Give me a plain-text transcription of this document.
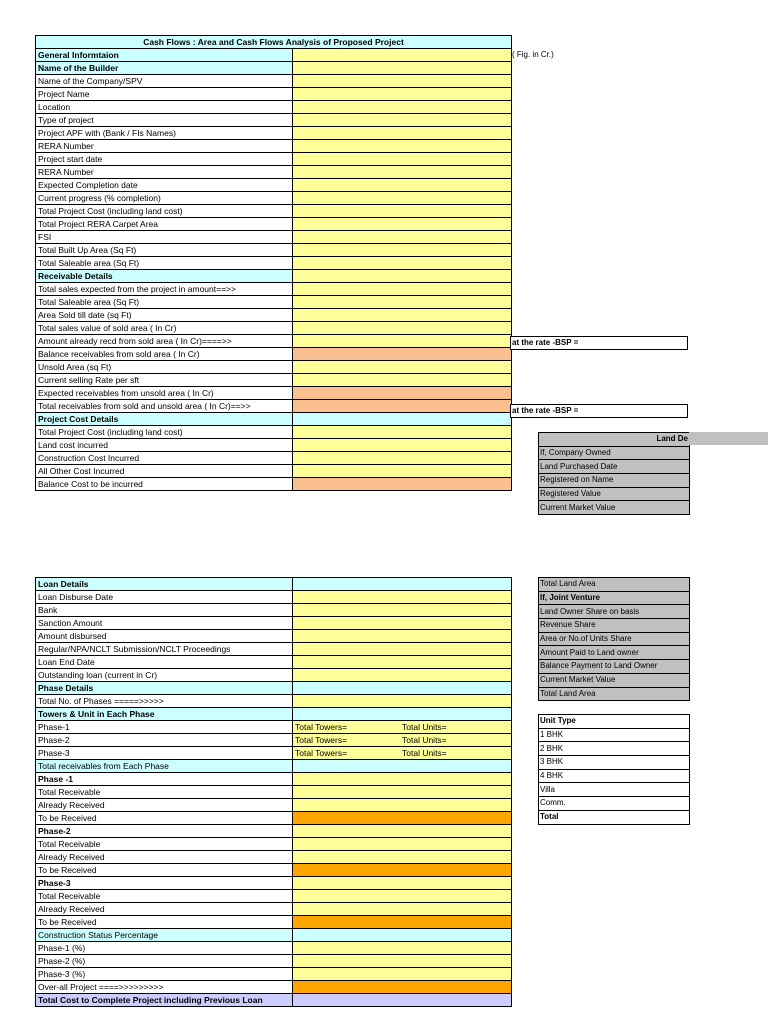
Cash Flows : Area and Cash Flows Analysis of Proposed Project	
General Informtaion	
Name of the Builder	
Name of the Company/SPV	
Project Name	
Location	
Type of project	
Project APF with (Bank / FIs Names)	
RERA Number	
Project start date	
RERA Number	
Expected Completion date	
Current progress (% completion)	
Total Project Cost (including land cost)	
Total Project RERA Carpet Area	
FSI	
Total Built Up Area (Sq Ft)	
Total Saleable area (Sq Ft)	
Receivable Details	
Total sales expected from the project in amount==>>	
Total Saleable area (Sq Ft)	
Area Sold till date (sq Ft)	
Total sales value of sold area ( In Cr)	
Amount already recd from sold area ( In Cr)====>>	
Balance receivables from sold area ( In Cr)	
Unsold Area (sq Ft)	
Current selling Rate per sft	
Expected receivables from unsold area ( In Cr)	
Total receivables from sold and unsold area ( In Cr)==>>	
Project Cost Details	
Total Project Cost (including land cost)	
Land cost incurred	
Construction Cost Incurred	
All Other Cost Incurred	
Balance Cost to be incurred	
( Fig. in Cr.)
at the rate -BSP =
at the rate -BSP =
Land De
If, Company Owned
Land Purchased Date
Registered on Name
Registered Value
Current Market Value
Loan Details	
Loan Disburse Date	
Bank	
Sanction Amount	
Amount disbursed	
Regular/NPA/NCLT Submission/NCLT Proceedings	
Loan End Date	
Outstanding loan (current in Cr)	
Phase Details	
Total No. of Phases =====>>>>>	
Towers & Unit in Each Phase	
Phase-1	Total Towers= Total Units=

Phase-2	Total Towers= Total Units=

Phase-3	Total Towers= Total Units=

Total receivables from Each Phase	
Phase -1	
Total Receivable	
Already Received	
To be Received	
Phase-2	
Total Receivable	
Already Received	
To be Received	
Phase-3	
Total Receivable	
Already Received	
To be Received	
Construction Status Percentage	
Phase-1 (%)	
Phase-2 (%)	
Phase-3 (%)	
Over-all Project ====>>>>>>>>>	
Total Cost to Complete Project including Previous Loan	
Total Land Area
If, Joint Venture
Land Owner Share on basis
Revenue Share
Area or No.of Units Share
Amount Paid to Land owner
Balance Payment to Land Owner
Current Market Value
Total Land Area
Unit Type
1 BHK
2 BHK
3 BHK
4 BHK
Villa
Comm.
Total
